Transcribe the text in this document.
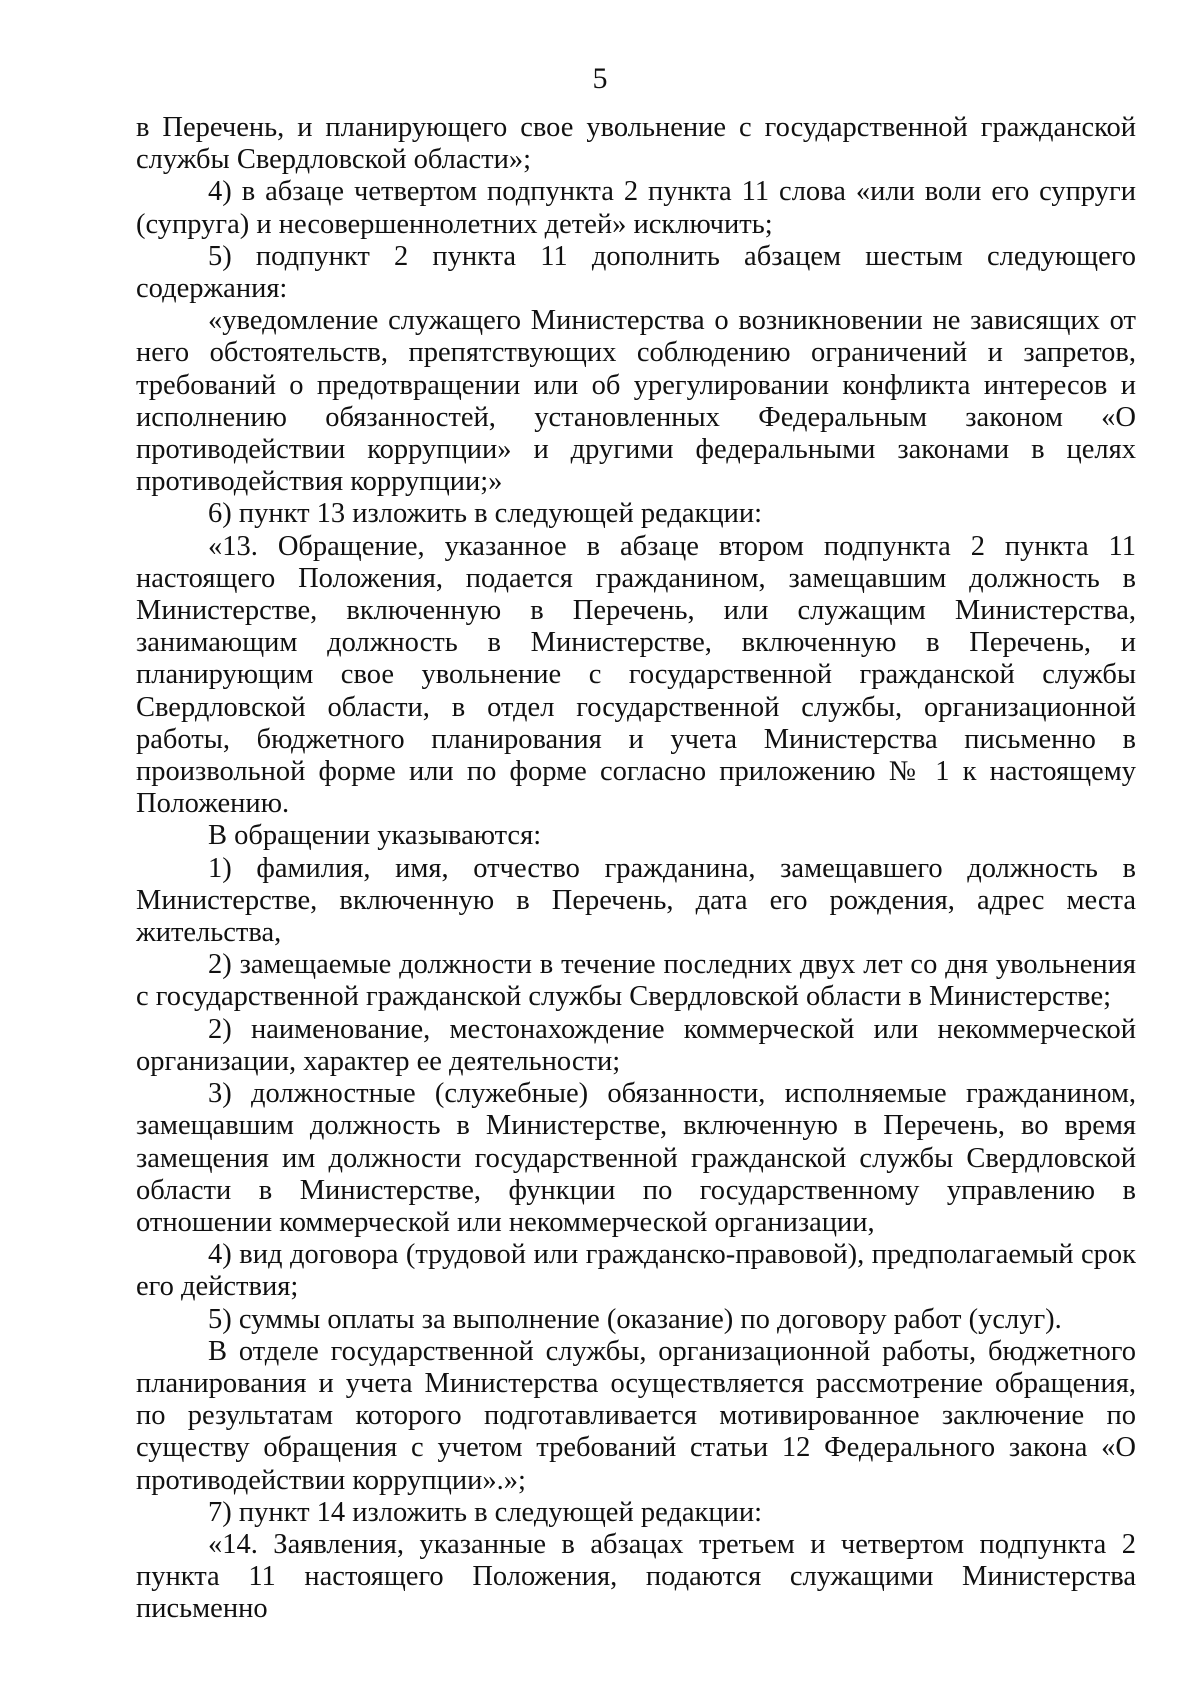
5

в Перечень, и планирующего свое увольнение с государственной гражданской службы Свердловской области»;

4) в абзаце четвертом подпункта 2 пункта 11 слова «или воли его супруги (супруга) и несовершеннолетних детей» исключить;

5) подпункт 2 пункта 11 дополнить абзацем шестым следующего содержания:

«уведомление служащего Министерства о возникновении не зависящих от него обстоятельств, препятствующих соблюдению ограничений и запретов, требований о предотвращении или об урегулировании конфликта интересов и исполнению обязанностей, установленных Федеральным законом «О противодействии коррупции» и другими федеральными законами в целях противодействия коррупции;»

6) пункт 13 изложить в следующей редакции:

«13. Обращение, указанное в абзаце втором подпункта 2 пункта 11 настоящего Положения, подается гражданином, замещавшим должность в Министерстве, включенную в Перечень, или служащим Министерства, занимающим должность в Министерстве, включенную в Перечень, и планирующим свое увольнение с государственной гражданской службы Свердловской области, в отдел государственной службы, организационной работы, бюджетного планирования и учета Министерства письменно в произвольной форме или по форме согласно приложению № 1 к настоящему Положению.

В обращении указываются:

1) фамилия, имя, отчество гражданина, замещавшего должность в Министерстве, включенную в Перечень, дата его рождения, адрес места жительства,

2) замещаемые должности в течение последних двух лет со дня увольнения с государственной гражданской службы Свердловской области в Министерстве;

2) наименование, местонахождение коммерческой или некоммерческой организации, характер ее деятельности;

3) должностные (служебные) обязанности, исполняемые гражданином, замещавшим должность в Министерстве, включенную в Перечень, во время замещения им должности государственной гражданской службы Свердловской области в Министерстве, функции по государственному управлению в отношении коммерческой или некоммерческой организации,

4) вид договора (трудовой или гражданско-правовой), предполагаемый срок его действия;

5) суммы оплаты за выполнение (оказание) по договору работ (услуг).

В отделе государственной службы, организационной работы, бюджетного планирования и учета Министерства осуществляется рассмотрение обращения, по результатам которого подготавливается мотивированное заключение по существу обращения с учетом требований статьи 12 Федерального закона «О противодействии коррупции».»;

7) пункт 14 изложить в следующей редакции:

«14. Заявления, указанные в абзацах третьем и четвертом подпункта 2 пункта 11 настоящего Положения, подаются служащими Министерства письменно
